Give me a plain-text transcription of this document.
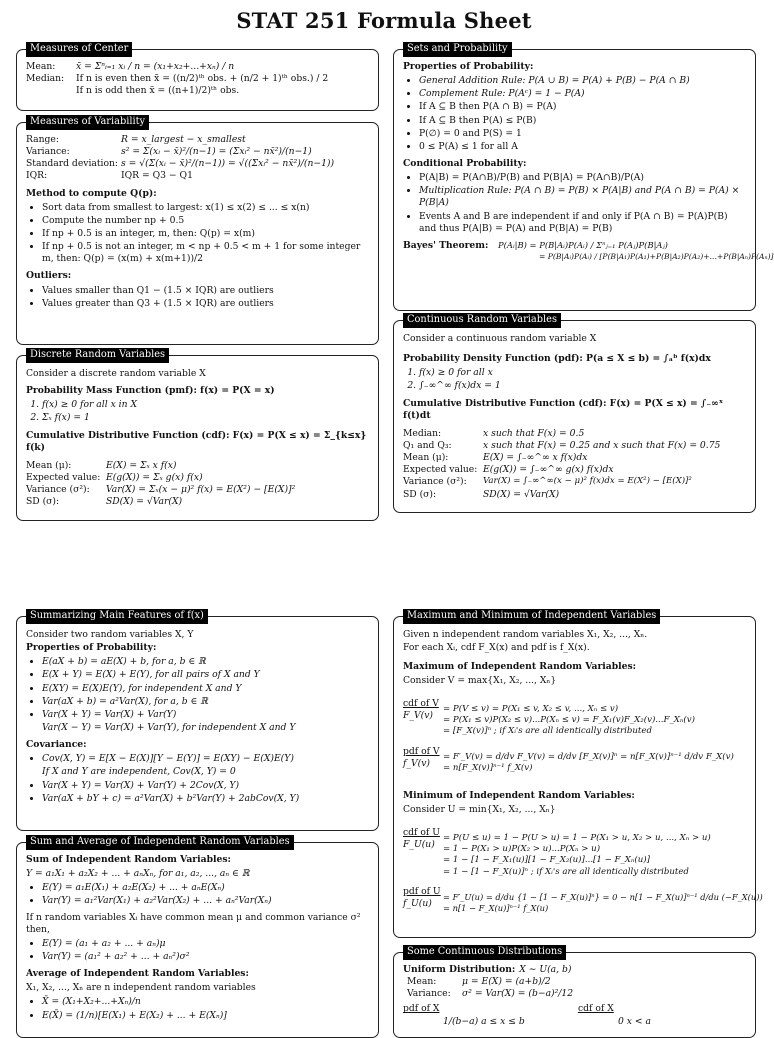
STAT 251 Formula Sheet
Measures of Center
Mean:	x̄ = Σⁿᵢ₌₁ xᵢ / n = (x₁+x₂+...+xₙ) / n
Median:	If n is even then x̃ = ((n/2)ᵗʰ obs. + (n/2 + 1)ᵗʰ obs.) / 2
If n is odd then x̃ = ((n+1)/2)ᵗʰ obs.
Measures of Variability
Range:	R = x_largest − x_smallest
Variance:	s² = Σ(xᵢ − x̄)²/(n−1) = (Σxᵢ² − nx̄²)/(n−1)
Standard deviation: s = √(Σ(xᵢ − x̄)²/(n−1)) = √((Σxᵢ² − nx̄²)/(n−1))
IQR:	IQR = Q3 − Q1
Method to compute Q(p):
• Sort data from smallest to largest: x(1) ≤ x(2) ≤ ... ≤ x(n)
• Compute the number np + 0.5
• If np + 0.5 is an integer, m, then: Q(p) = x(m)
• If np + 0.5 is not an integer, m < np + 0.5 < m + 1 for some integer m, then: Q(p) = (x(m) + x(m+1))/2
Outliers:
• Values smaller than Q1 − (1.5 × IQR) are outliers
• Values greater than Q3 + (1.5 × IQR) are outliers
Discrete Random Variables

Consider a discrete random variable X

Probability Mass Function (pmf): f(x) = P(X = x)
1. f(x) ≥ 0 for all x in X
2. Σₓ f(x) = 1
Cumulative Distributive Function (cdf): F(x) = P(X ≤ x) = Σ_{k≤x} f(k)
Mean (μ):	E(X) = Σₓ x f(x)
Expected value: E(g(X)) = Σₓ g(x) f(x)
Variance (σ²):	Var(X) = Σₓ(x − μ)² f(x) = E(X²) − [E(X)]²
SD (σ):	SD(X) = √Var(X)
Sets and Probability
Properties of Probability:
• General Addition Rule: P(A ∪ B) = P(A) + P(B) − P(A ∩ B)
• Complement Rule: P(Aᶜ) = 1 − P(A)
• If A ⊆ B then P(A ∩ B) = P(A)
• If A ⊆ B then P(A) ≤ P(B)
• P(∅) = 0 and P(S) = 1
• 0 ≤ P(A) ≤ 1 for all A
Conditional Probability:
• P(A|B) = P(A∩B)/P(B) and P(B|A) = P(A∩B)/P(A)
• Multiplication Rule: P(A ∩ B) = P(B) × P(A|B) and P(A ∩ B) = P(A) × P(B|A)
• Events A and B are independent if and only if P(A ∩ B) = P(A)P(B) and thus P(A|B) = P(A) and P(B|A) = P(B)
Bayes' Theorem:	P(Aᵢ|B) = P(B|Aᵢ)P(Aᵢ) / Σⁿⱼ₌₁ P(Aⱼ)P(B|Aⱼ)
= P(B|Aᵢ)P(Aᵢ) / [P(B|A₁)P(A₁)+P(B|A₂)P(A₂)+...+P(B|Aₙ)P(Aₙ)]
Continuous Random Variables

Consider a continuous random variable X

Probability Density Function (pdf): P(a ≤ X ≤ b) = ∫ₐᵇ f(x)dx
1. f(x) ≥ 0 for all x
2. ∫₋∞^∞ f(x)dx = 1
Cumulative Distributive Function (cdf): F(x) = P(X ≤ x) = ∫₋∞ˣ f(t)dt
Median:	x such that F(x) = 0.5
Q₁ and Q₃:	x such that F(x) = 0.25 and x such that F(x) = 0.75
Mean (μ):	E(X) = ∫₋∞^∞ x f(x)dx
Expected value: E(g(X)) = ∫₋∞^∞ g(x) f(x)dx
Variance (σ²):	Var(X) = ∫₋∞^∞(x − μ)² f(x)dx = E(X²) − [E(X)]²
SD (σ):	SD(X) = √Var(X)
Summarizing Main Features of f(x)

Consider two random variables X, Y

Properties of Probability:
• E(aX + b) = aE(X) + b, for a, b ∈ ℝ
• E(X + Y) = E(X) + E(Y), for all pairs of X and Y
• E(XY) = E(X)E(Y), for independent X and Y
• Var(aX + b) = a²Var(X), for a, b ∈ ℝ
• Var(X + Y) = Var(X) + Var(Y)
Var(X − Y) = Var(X) + Var(Y), for independent X and Y
Covariance:
• Cov(X, Y) = E[X − E(X)][Y − E(Y)] = E(XY) − E(X)E(Y)
If X and Y are independent, Cov(X, Y) = 0
• Var(X + Y) = Var(X) + Var(Y) + 2Cov(X, Y)
• Var(aX + bY + c) = a²Var(X) + b²Var(Y) + 2abCov(X, Y)
Sum and Average of Independent Random Variables
Sum of Independent Random Variables:

Y = a₁X₁ + a₂X₂ + ... + aₙXₙ, for a₁, a₂, ..., aₙ ∈ ℝ

• E(Y) = a₁E(X₁) + a₂E(X₂) + ... + aₙE(Xₙ)
• Var(Y) = a₁²Var(X₁) + a₂²Var(X₂) + ... + aₙ²Var(Xₙ)

If n random variables Xᵢ have common mean μ and common variance σ² then,

• E(Y) = (a₁ + a₂ + ... + aₙ)μ
• Var(Y) = (a₁² + a₂² + ... + aₙ²)σ²
Average of Independent Random Variables:

X₁, X₂, ..., Xₙ are n independent random variables

• X̄ = (X₁+X₂+...+Xₙ)/n
• E(X̄) = (1/n)[E(X₁) + E(X₂) + ... + E(Xₙ)]
Maximum and Minimum of Independent Variables

Given n independent random variables X₁, X₂, ..., Xₙ.

For each Xᵢ, cdf F_X(x) and pdf is f_X(x).

Maximum of Independent Random Variables:

Consider V = max{X₁, X₂, ..., Xₙ}

cdf of V
F_V(v)
= P(V ≤ v) = P(X₁ ≤ v, X₂ ≤ v, ..., Xₙ ≤ v)
= P(X₁ ≤ v)P(X₂ ≤ v)...P(Xₙ ≤ v) = F_X₁(v)F_X₂(v)...F_Xₙ(v)
= [F_X(v)]ⁿ ; if Xᵢ's are all identically distributed
pdf of V
f_V(v)
= F′_V(v) = d/dv F_V(v) = d/dv [F_X(v)]ⁿ = n[F_X(v)]ⁿ⁻¹ d/dv F_X(v)
= n[F_X(v)]ⁿ⁻¹ f_X(v)
Minimum of Independent Random Variables:

Consider U = min{X₁, X₂, ..., Xₙ}

cdf of U
F_U(u)
= P(U ≤ u) = 1 − P(U > u) = 1 − P(X₁ > u, X₂ > u, ..., Xₙ > u)
= 1 − P(X₁ > u)P(X₂ > u)...P(Xₙ > u)
= 1 − [1 − F_X₁(u)][1 − F_X₂(u)]...[1 − F_Xₙ(u)]
= 1 − [1 − F_X(u)]ⁿ ; if Xᵢ's are all identically distributed
pdf of U
f_U(u)
= F′_U(u) = d/du {1 − [1 − F_X(u)]ⁿ} = 0 − n[1 − F_X(u)]ⁿ⁻¹ d/du (−F_X(u))
= n[1 − F_X(u)]ⁿ⁻¹ f_X(u)
Some Continuous Distributions
Uniform Distribution: X ∼ U(a, b)
Mean:	μ = E(X) = (a+b)/2
Variance:	σ² = Var(X) = (b−a)²/12
pdf of X	cdf of X
1/(b−a) a ≤ x ≤ b	0 x < a
